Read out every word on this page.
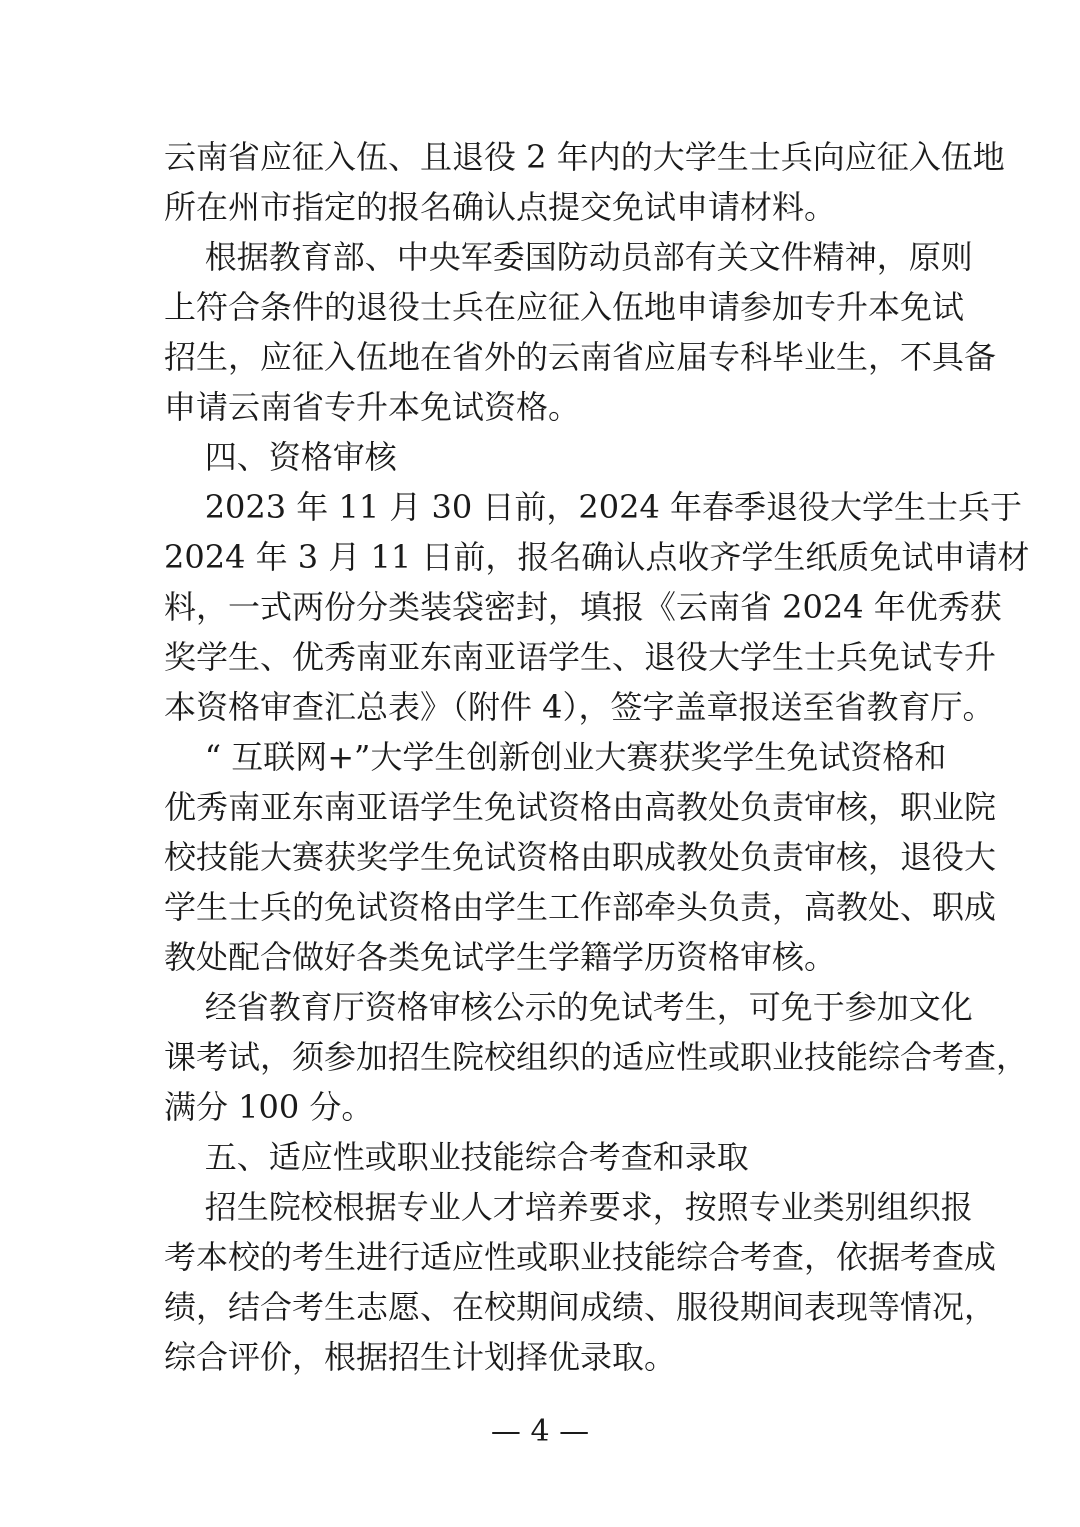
云南省应征入伍、且退役 2 年内的大学生士兵向应征入伍地
所在州市指定的报名确认点提交免试申请材料。
根据教育部、中央军委国防动员部有关文件精神，原则
上符合条件的退役士兵在应征入伍地申请参加专升本免试
招生，应征入伍地在省外的云南省应届专科毕业生，不具备
申请云南省专升本免试资格。
四、资格审核
2023 年 11 月 30 日前，2024 年春季退役大学生士兵于
2024 年 3 月 11 日前，报名确认点收齐学生纸质免试申请材
料，一式两份分类装袋密封，填报《云南省 2024 年优秀获
奖学生、优秀南亚东南亚语学生、退役大学生士兵免试专升
本资格审查汇总表》（附件 4），签字盖章报送至省教育厅。
“ 互联网+”大学生创新创业大赛获奖学生免试资格和
优秀南亚东南亚语学生免试资格由高教处负责审核，职业院
校技能大赛获奖学生免试资格由职成教处负责审核，退役大
学生士兵的免试资格由学生工作部牵头负责，高教处、职成
教处配合做好各类免试学生学籍学历资格审核。
经省教育厅资格审核公示的免试考生，可免于参加文化
课考试，须参加招生院校组织的适应性或职业技能综合考查，
满分 100 分。
五、适应性或职业技能综合考查和录取
招生院校根据专业人才培养要求，按照专业类别组织报
考本校的考生进行适应性或职业技能综合考查，依据考查成
绩，结合考生志愿、在校期间成绩、服役期间表现等情况，
综合评价，根据招生计划择优录取。
— 4 —
